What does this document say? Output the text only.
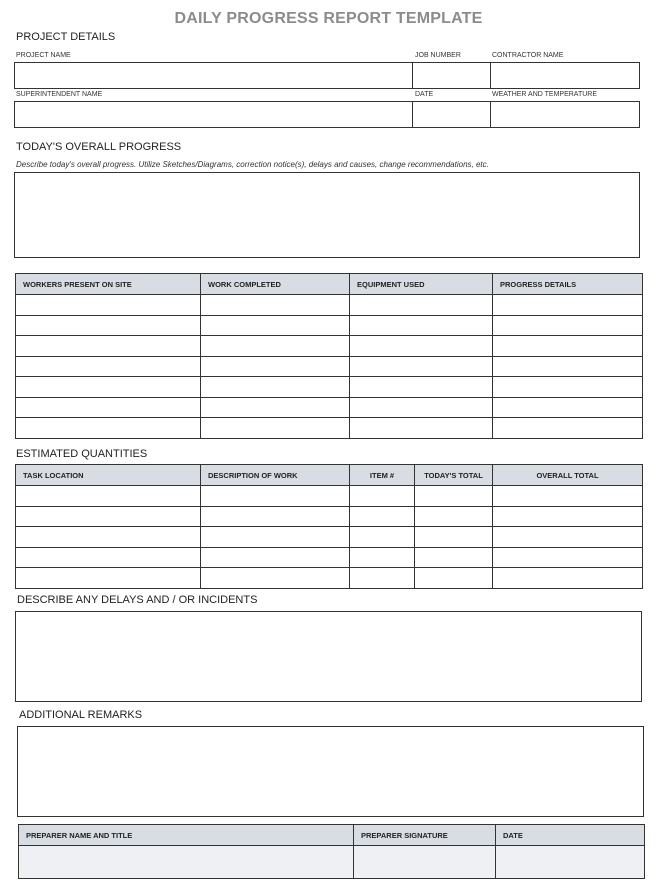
DAILY PROGRESS REPORT TEMPLATE
PROJECT DETAILS
PROJECT NAME	JOB NUMBER	CONTRACTOR NAME
SUPERINTENDENT NAME	DATE	WEATHER AND TEMPERATURE
TODAY'S OVERALL PROGRESS
Describe today's overall progress. Utilize Sketches/Diagrams, correction notice(s), delays and causes, change recommendations, etc.
WORKERS PRESENT ON SITE	WORK COMPLETED	EQUIPMENT USED	PROGRESS DETAILS

ESTIMATED QUANTITIES
TASK LOCATION	DESCRIPTION OF WORK	ITEM #	TODAY'S TOTAL	OVERALL TOTAL

DESCRIBE ANY DELAYS AND / OR INCIDENTS
ADDITIONAL REMARKS
PREPARER NAME AND TITLE	PREPARER SIGNATURE	DATE
